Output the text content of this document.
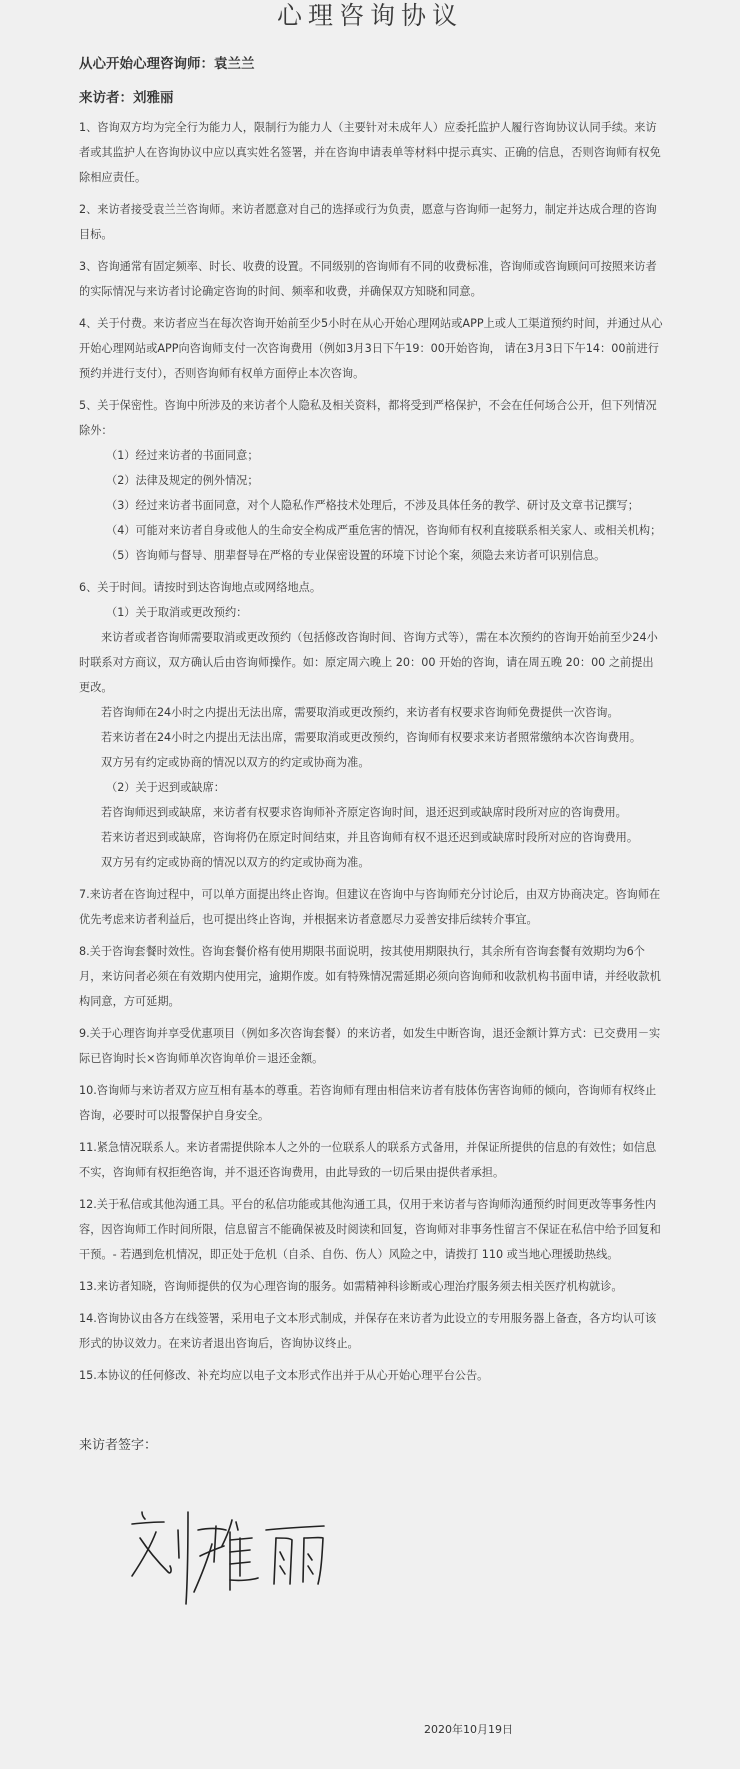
心理咨询协议
从心开始心理咨询师：袁兰兰
来访者：刘雅丽

1、咨询双方均为完全行为能力人，限制行为能力人（主要针对未成年人）应委托监护人履行咨询协议认同手续。来访者或其监护人在咨询协议中应以真实姓名签署，并在咨询申请表单等材料中提示真实、正确的信息，否则咨询师有权免除相应责任。

2、来访者接受袁兰兰咨询师。来访者愿意对自己的选择或行为负责，愿意与咨询师一起努力，制定并达成合理的咨询目标。

3、咨询通常有固定频率、时长、收费的设置。不同级别的咨询师有不同的收费标准，咨询师或咨询顾问可按照来访者的实际情况与来访者讨论确定咨询的时间、频率和收费，并确保双方知晓和同意。

4、关于付费。来访者应当在每次咨询开始前至少5小时在从心开始心理网站或APP上或人工渠道预约时间，并通过从心开始心理网站或APP向咨询师支付一次咨询费用（例如3月3日下午19：00开始咨询， 请在3月3日下午14：00前进行预约并进行支付），否则咨询师有权单方面停止本次咨询。

5、关于保密性。咨询中所涉及的来访者个人隐私及相关资料，都将受到严格保护，不会在任何场合公开，但下列情况除外：

（1）经过来访者的书面同意；

（2）法律及规定的例外情况；

（3）经过来访者书面同意，对个人隐私作严格技术处理后，不涉及具体任务的教学、研讨及文章书记撰写；

（4）可能对来访者自身或他人的生命安全构成严重危害的情况，咨询师有权利直接联系相关家人、或相关机构；

（5）咨询师与督导、朋辈督导在严格的专业保密设置的环境下讨论个案，须隐去来访者可识别信息。

6、关于时间。请按时到达咨询地点或网络地点。

（1）关于取消或更改预约：

来访者或者咨询师需要取消或更改预约（包括修改咨询时间、咨询方式等），需在本次预约的咨询开始前至少24小时联系对方商议，双方确认后由咨询师操作。如：原定周六晚上 20：00 开始的咨询，请在周五晚 20：00 之前提出更改。

若咨询师在24小时之内提出无法出席，需要取消或更改预约，来访者有权要求咨询师免费提供一次咨询。

若来访者在24小时之内提出无法出席，需要取消或更改预约，咨询师有权要求来访者照常缴纳本次咨询费用。

双方另有约定或协商的情况以双方的约定或协商为准。

（2）关于迟到或缺席：

若咨询师迟到或缺席，来访者有权要求咨询师补齐原定咨询时间，退还迟到或缺席时段所对应的咨询费用。

若来访者迟到或缺席，咨询将仍在原定时间结束，并且咨询师有权不退还迟到或缺席时段所对应的咨询费用。

双方另有约定或协商的情况以双方的约定或协商为准。

7.来访者在咨询过程中，可以单方面提出终止咨询。但建议在咨询中与咨询师充分讨论后，由双方协商决定。咨询师在优先考虑来访者利益后，也可提出终止咨询，并根据来访者意愿尽力妥善安排后续转介事宜。

8.关于咨询套餐时效性。咨询套餐价格有使用期限书面说明，按其使用期限执行，其余所有咨询套餐有效期均为6个月，来访问者必须在有效期内使用完，逾期作废。如有特殊情况需延期必须向咨询师和收款机构书面申请，并经收款机构同意，方可延期。

9.关于心理咨询并享受优惠项目（例如多次咨询套餐）的来访者，如发生中断咨询，退还金额计算方式：已交费用－实际已咨询时长×咨询师单次咨询单价＝退还金额。

10.咨询师与来访者双方应互相有基本的尊重。若咨询师有理由相信来访者有肢体伤害咨询师的倾向，咨询师有权终止咨询，必要时可以报警保护自身安全。

11.紧急情况联系人。来访者需提供除本人之外的一位联系人的联系方式备用，并保证所提供的信息的有效性；如信息不实，咨询师有权拒绝咨询，并不退还咨询费用，由此导致的一切后果由提供者承担。

12.关于私信或其他沟通工具。平台的私信功能或其他沟通工具，仅用于来访者与咨询师沟通预约时间更改等事务性内容，因咨询师工作时间所限，信息留言不能确保被及时阅读和回复，咨询师对非事务性留言不保证在私信中给予回复和干预。- 若遇到危机情况，即正处于危机（自杀、自伤、伤人）风险之中，请拨打 110 或当地心理援助热线。

13.来访者知晓，咨询师提供的仅为心理咨询的服务。如需精神科诊断或心理治疗服务须去相关医疗机构就诊。

14.咨询协议由各方在线签署，采用电子文本形式制成，并保存在来访者为此设立的专用服务器上备查，各方均认可该形式的协议效力。在来访者退出咨询后，咨询协议终止。

15.本协议的任何修改、补充均应以电子文本形式作出并于从心开始心理平台公告。

来访者签字：
2020年10月19日
